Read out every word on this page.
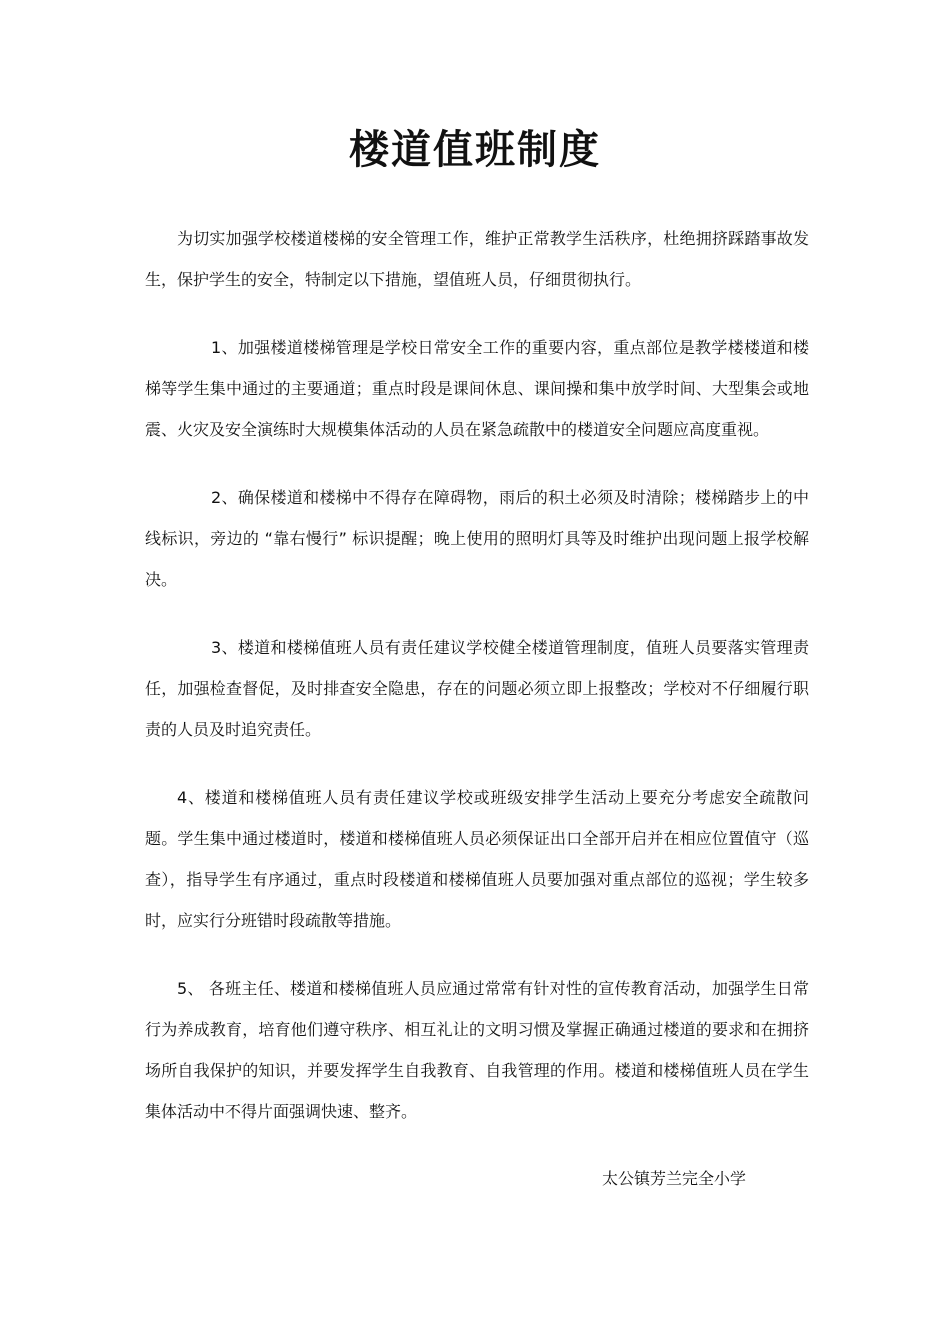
楼道值班制度

为切实加强学校楼道楼梯的安全管理工作，维护正常教学生活秩序，杜绝拥挤踩踏事故发生，保护学生的安全，特制定以下措施，望值班人员，仔细贯彻执行。

1、加强楼道楼梯管理是学校日常安全工作的重要内容，重点部位是教学楼楼道和楼梯等学生集中通过的主要通道；重点时段是课间休息、课间操和集中放学时间、大型集会或地震、火灾及安全演练时大规模集体活动的人员在紧急疏散中的楼道安全问题应高度重视。

2、确保楼道和楼梯中不得存在障碍物，雨后的积土必须及时清除；楼梯踏步上的中线标识，旁边的 “靠右慢行” 标识提醒；晚上使用的照明灯具等及时维护出现问题上报学校解决。

3、楼道和楼梯值班人员有责任建议学校健全楼道管理制度，值班人员要落实管理责任，加强检查督促，及时排查安全隐患，存在的问题必须立即上报整改；学校对不仔细履行职责的人员及时追究责任。

4、楼道和楼梯值班人员有责任建议学校或班级安排学生活动上要充分考虑安全疏散问题。学生集中通过楼道时，楼道和楼梯值班人员必须保证出口全部开启并在相应位置值守（巡查），指导学生有序通过，重点时段楼道和楼梯值班人员要加强对重点部位的巡视；学生较多时，应实行分班错时段疏散等措施。

5、 各班主任、楼道和楼梯值班人员应通过常常有针对性的宣传教育活动，加强学生日常行为养成教育，培育他们遵守秩序、相互礼让的文明习惯及掌握正确通过楼道的要求和在拥挤场所自我保护的知识，并要发挥学生自我教育、自我管理的作用。楼道和楼梯值班人员在学生集体活动中不得片面强调快速、整齐。

太公镇芳兰完全小学
